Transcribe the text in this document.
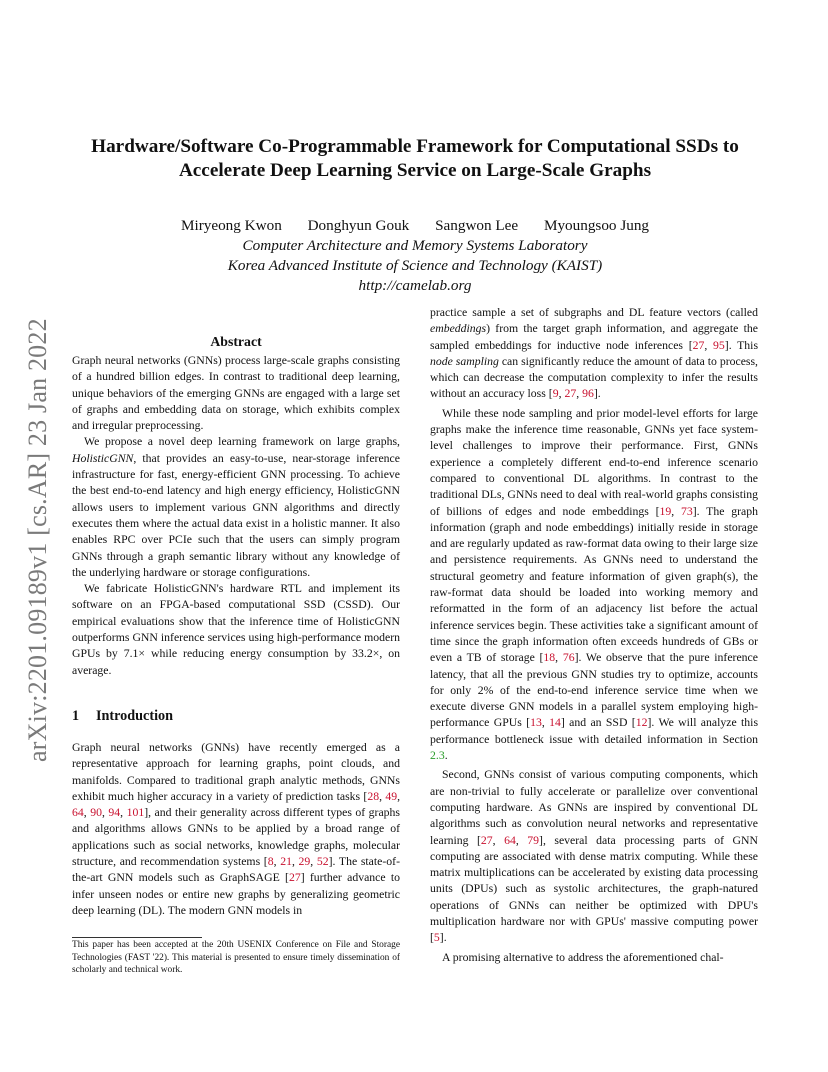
arXiv:2201.09189v1 [cs.AR] 23 Jan 2022
Hardware/Software Co-Programmable Framework for Computational SSDs to
Accelerate Deep Learning Service on Large-Scale Graphs
Miryeong Kwon Donghyun Gouk Sangwon Lee Myoungsoo Jung
Computer Architecture and Memory Systems Laboratory
Korea Advanced Institute of Science and Technology (KAIST)
http://camelab.org
Abstract

Graph neural networks (GNNs) process large-scale graphs consisting of a hundred billion edges. In contrast to traditional deep learning, unique behaviors of the emerging GNNs are engaged with a large set of graphs and embedding data on storage, which exhibits complex and irregular preprocessing.

We propose a novel deep learning framework on large graphs, HolisticGNN, that provides an easy-to-use, near-storage inference infrastructure for fast, energy-efficient GNN processing. To achieve the best end-to-end latency and high energy efficiency, HolisticGNN allows users to implement various GNN algorithms and directly executes them where the actual data exist in a holistic manner. It also enables RPC over PCIe such that the users can simply program GNNs through a graph semantic library without any knowledge of the underlying hardware or storage configurations.

We fabricate HolisticGNN's hardware RTL and implement its software on an FPGA-based computational SSD (CSSD). Our empirical evaluations show that the inference time of HolisticGNN outperforms GNN inference services using high-performance modern GPUs by 7.1× while reducing energy consumption by 33.2×, on average.

1 Introduction

Graph neural networks (GNNs) have recently emerged as a representative approach for learning graphs, point clouds, and manifolds. Compared to traditional graph analytic methods, GNNs exhibit much higher accuracy in a variety of prediction tasks [28, 49, 64, 90, 94, 101], and their generality across different types of graphs and algorithms allows GNNs to be applied by a broad range of applications such as social networks, knowledge graphs, molecular structure, and recommendation systems [8, 21, 29, 52]. The state-of-the-art GNN models such as GraphSAGE [27] further advance to infer unseen nodes or entire new graphs by generalizing geometric deep learning (DL). The modern GNN models in

This paper has been accepted at the 20th USENIX Conference on File and Storage Technologies (FAST '22). This material is presented to ensure timely dissemination of scholarly and technical work.

practice sample a set of subgraphs and DL feature vectors (called embeddings) from the target graph information, and aggregate the sampled embeddings for inductive node inferences [27, 95]. This node sampling can significantly reduce the amount of data to process, which can decrease the computation complexity to infer the results without an accuracy loss [9, 27, 96].

While these node sampling and prior model-level efforts for large graphs make the inference time reasonable, GNNs yet face system-level challenges to improve their performance. First, GNNs experience a completely different end-to-end inference scenario compared to conventional DL algorithms. In contrast to the traditional DLs, GNNs need to deal with real-world graphs consisting of billions of edges and node embeddings [19, 73]. The graph information (graph and node embeddings) initially reside in storage and are regularly updated as raw-format data owing to their large size and persistence requirements. As GNNs need to understand the structural geometry and feature information of given graph(s), the raw-format data should be loaded into working memory and reformatted in the form of an adjacency list before the actual inference services begin. These activities take a significant amount of time since the graph information often exceeds hundreds of GBs or even a TB of storage [18, 76]. We observe that the pure inference latency, that all the previous GNN studies try to optimize, accounts for only 2% of the end-to-end inference service time when we execute diverse GNN models in a parallel system employing high-performance GPUs [13, 14] and an SSD [12]. We will analyze this performance bottleneck issue with detailed information in Section 2.3.

Second, GNNs consist of various computing components, which are non-trivial to fully accelerate or parallelize over conventional computing hardware. As GNNs are inspired by conventional DL algorithms such as convolution neural networks and representative learning [27, 64, 79], several data processing parts of GNN computing are associated with dense matrix computing. While these matrix multiplications can be accelerated by existing data processing units (DPUs) such as systolic architectures, the graph-natured operations of GNNs can neither be optimized with DPU's multiplication hardware nor with GPUs' massive computing power [5].

A promising alternative to address the aforementioned chal-
